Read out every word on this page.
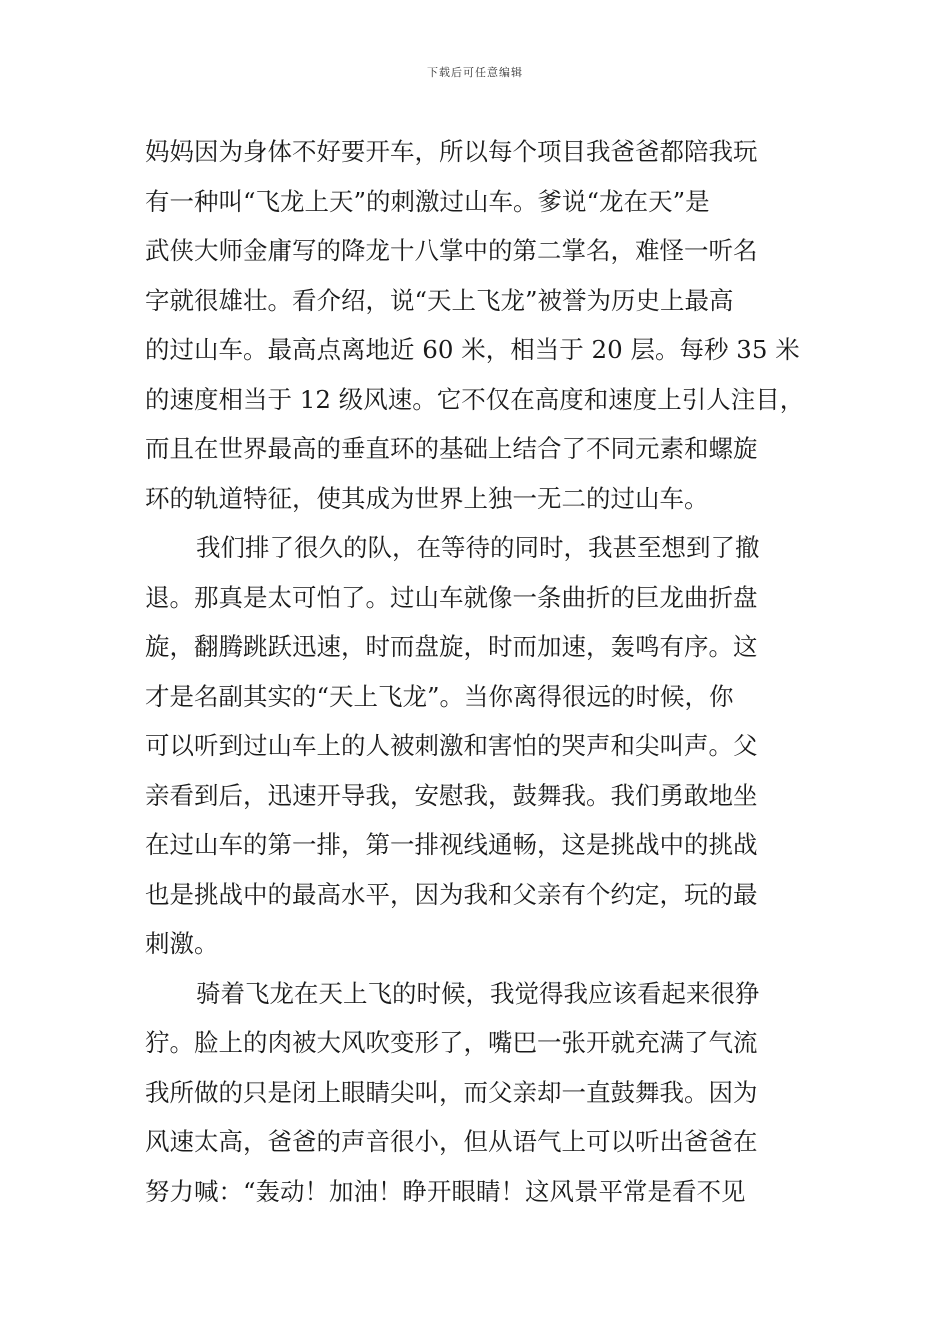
下载后可任意编辑
妈妈因为身体不好要开车，所以每个项目我爸爸都陪我玩
有一种叫“飞龙上天”的刺激过山车。爹说“龙在天”是
武侠大师金庸写的降龙十八掌中的第二掌名，难怪一听名
字就很雄壮。看介绍，说“天上飞龙”被誉为历史上最高
的过山车。最高点离地近 60 米，相当于 20 层。每秒 35 米
的速度相当于 12 级风速。它不仅在高度和速度上引人注目，
而且在世界最高的垂直环的基础上结合了不同元素和螺旋
环的轨道特征，使其成为世界上独一无二的过山车。
我们排了很久的队，在等待的同时，我甚至想到了撤
退。那真是太可怕了。过山车就像一条曲折的巨龙曲折盘
旋，翻腾跳跃迅速，时而盘旋，时而加速，轰鸣有序。这
才是名副其实的“天上飞龙”。当你离得很远的时候，你
可以听到过山车上的人被刺激和害怕的哭声和尖叫声。父
亲看到后，迅速开导我，安慰我，鼓舞我。我们勇敢地坐
在过山车的第一排，第一排视线通畅，这是挑战中的挑战
也是挑战中的最高水平，因为我和父亲有个约定，玩的最
刺激。
骑着飞龙在天上飞的时候，我觉得我应该看起来很狰
狞。脸上的肉被大风吹变形了，嘴巴一张开就充满了气流
我所做的只是闭上眼睛尖叫，而父亲却一直鼓舞我。因为
风速太高，爸爸的声音很小，但从语气上可以听出爸爸在
努力喊：“轰动！加油！睁开眼睛！这风景平常是看不见
